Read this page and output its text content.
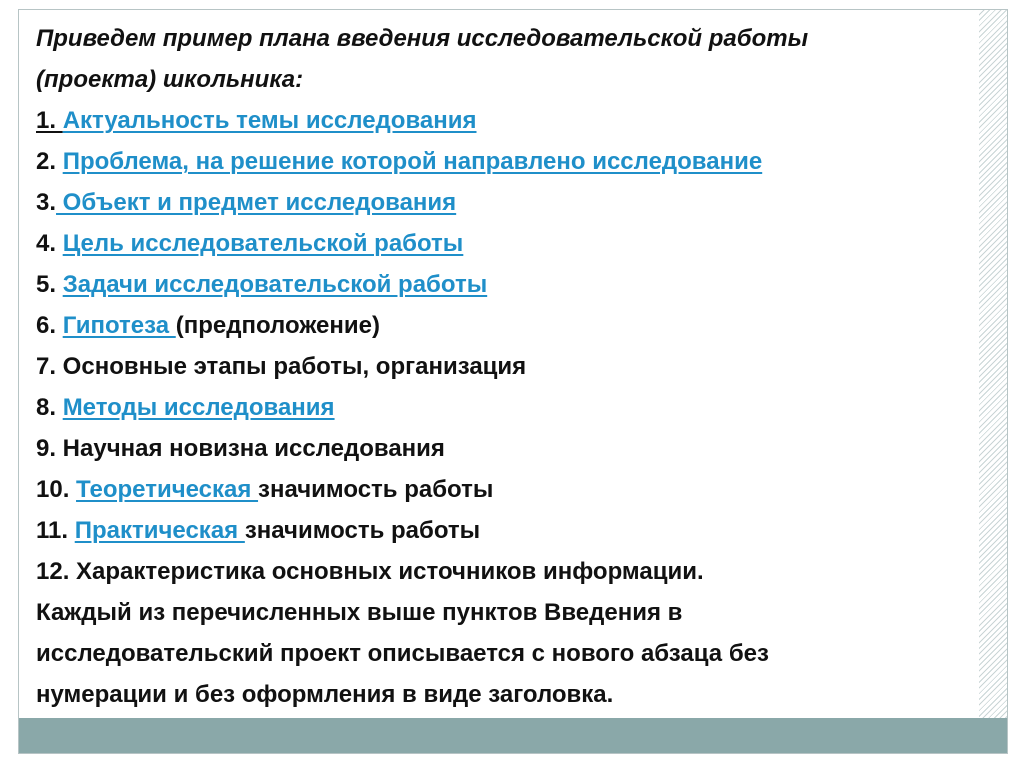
Приведем пример плана введения исследовательской работы
(проекта) школьника:
1. Актуальность темы исследования
2. Проблема, на решение которой направлено исследование
3. Объект и предмет исследования
4. Цель исследовательской работы
5. Задачи исследовательской работы
6. Гипотеза (предположение)
7. Основные этапы работы, организация
8. Методы исследования
9. Научная новизна исследования
10. Теоретическая значимость работы
11. Практическая значимость работы
12. Характеристика основных источников информации.
Каждый из перечисленных выше пунктов Введения в
исследовательский проект описывается с нового абзаца без
нумерации и без оформления в виде заголовка.
